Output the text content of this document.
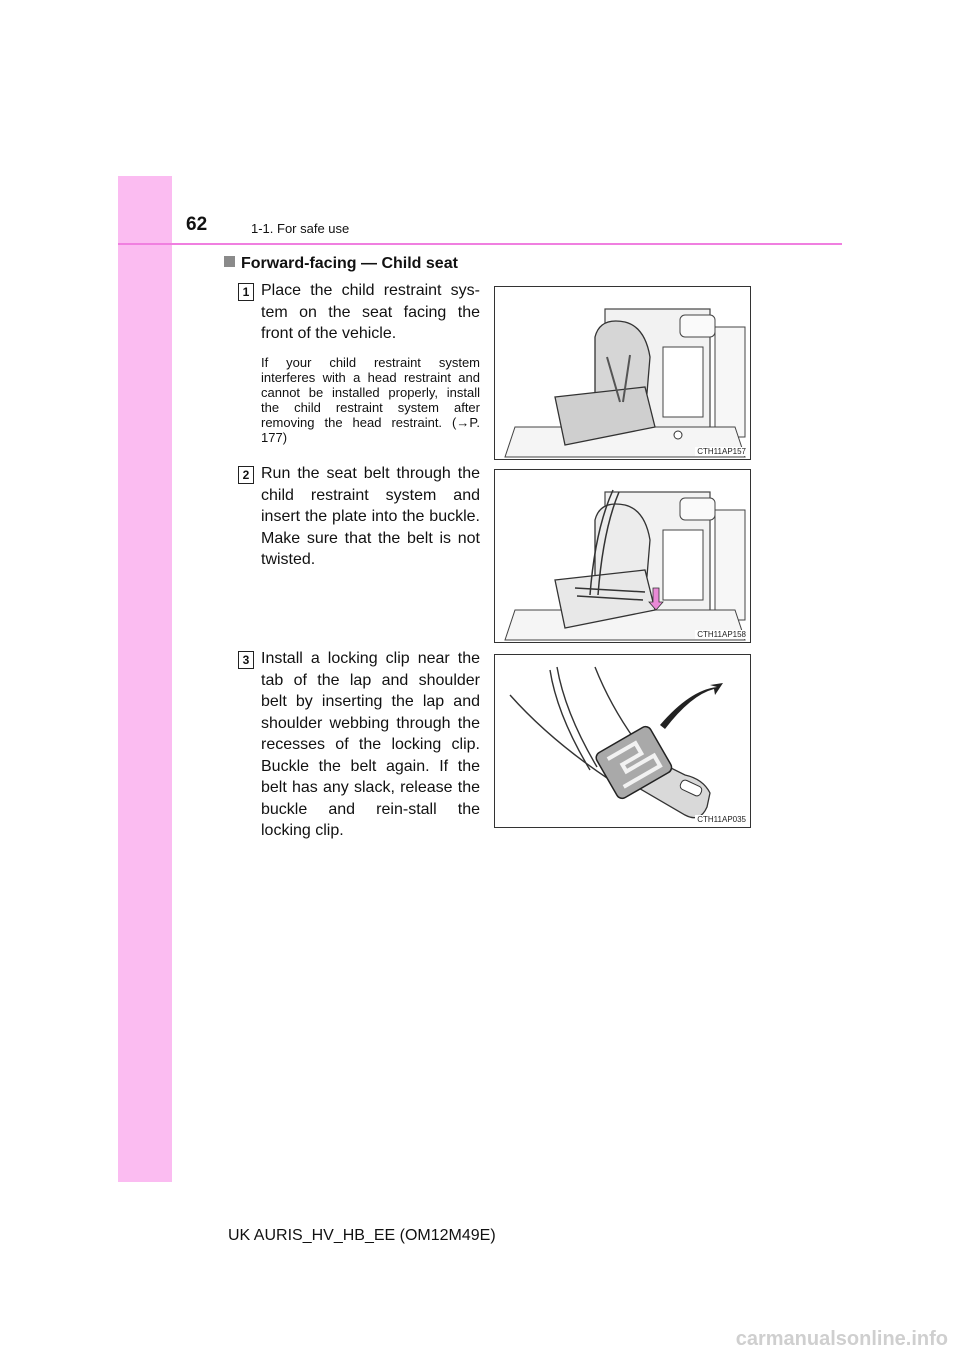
62	1-1. For safe use
Forward-facing — Child seat
1 Place the child restraint sys-tem on the seat facing the front of the vehicle.
If your child restraint system interferes with a head restraint and cannot be installed properly, install the child restraint system after removing the head restraint. (→P. 177)
CTH11AP157
2 Run the seat belt through the child restraint system and insert the plate into the buckle. Make sure that the belt is not twisted.
CTH11AP158
3 Install a locking clip near the tab of the lap and shoulder belt by inserting the lap and shoulder webbing through the recesses of the locking clip. Buckle the belt again. If the belt has any slack, release the buckle and rein-stall the locking clip.
CTH11AP035
UK AURIS_HV_HB_EE (OM12M49E)
carmanualsonline.info
